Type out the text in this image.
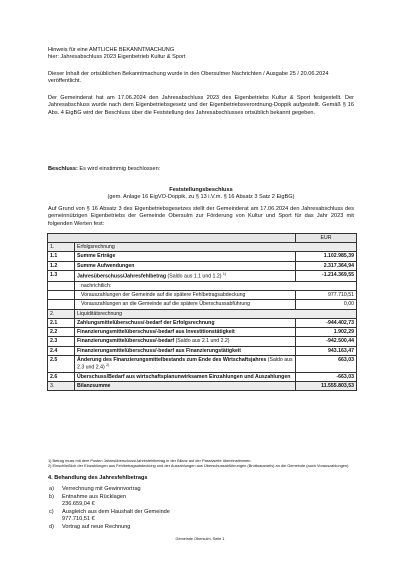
Hinweis für eine AMTLICHE BEKANNTMACHUNG

hier: Jahresabschluss 2023 Eigenbetrieb Kultur & Sport

Dieser Inhalt der ortsüblichen Bekanntmachung wurde in den Obersulmer Nachrichten / Ausgabe 25 / 20.06.2024 veröffentlicht.

Der Gemeinderat hat am 17.06.2024 den Jahresabschluss 2023 des Eigenbetriebs Kultur & Sport festgestellt. Der Jahresabschluss wurde nach dem Eigenbetriebsgesetz und der Eigenbetriebsverordnung-Doppik aufgestellt. Gemäß § 16 Abs. 4 EigBG wird der Beschluss über die Feststellung des Jahresabschlusses ortsüblich bekannt gegeben.

Beschluss: Es wird einstimmig beschlossen:

Feststellungsbeschluss

(gem. Anlage 16 EigVO-Doppik, zu § 13 i.V.m. § 16 Absatz 3 Satz 2 EigBG)

Auf Grund von § 16 Absatz 3 des Eigenbetriebsgesetzes stellt der Gemeinderat am 17.06.2024 den Jahresabschluss des gemeinnützigen Eigenbetriebs der Gemeinde Obersulm zur Förderung von Kultur und Sport für das Jahr 2023 mit folgenden Werten fest:

		EUR
1.	Erfolgsrechnung	
1.1	Summe Erträge	1.102.985,39
1.2	Summe Aufwendungen	2.317.364,94
1.3	Jahresüberschuss/Jahresfehlbetrag (Saldo aus 1.1 und 1.2) $^{1)}$	-1.214.369,55
	nachrichtlich:	
	Vorauszahlungen der Gemeinde auf die spätere Fehlbetragsabdeckung	977.710,51
	Vorauszahlungen an die Gemeinde auf die spätere Überschussabführung	0,00
2.	Liquiditätsrechnung	
2.1	Zahlungsmittelüberschuss/-bedarf der Erfolgsrechnung	-944.402,73
2.2	Finanzierungsmittelüberschuss/-bedarf aus Investitionstätigkeit	1.902,29
2.3	Finanzierungsmittelüberschuss/-bedarf (Saldo aus 2.1 und 2.2)	-942.500,44
2.4	Finanzierungsmittelüberschuss/-bedarf aus Finanzierungstätigkeit	943.163,47
2.5	Änderung des Finanzierungsmittelbestands zum Ende des Wirtschaftsjahres (Saldo aus 2.3 und 2.4) $^{2)}$	663,03
2.6	Überschuss/Bedarf aus wirtschaftsplanunwirksamen Einzahlungen und Auszahlungen	-663,03
3.	Bilanzsumme	11.555.803,53

1) Betrag muss mit dem Posten Jahresüberschuss/Jahresfehlbetrag in der Bilanz auf der Passivseite übereinstimmen.

2) Einschließlich der Einzahlungen aus Fehlbetragsabdeckung und der Auszahlungen aus Überschussabführungen (Bruttoausweis) an die Gemeinde (auch Vorauszahlungen).

4. Behandlung des Jahresfehlbetrags

a) Verrechnung mit Gewinnvortrag
b) Entnahme aus Rücklagen
236.659,04 €
c) Ausgleich aus dem Haushalt der Gemeinde
977.710,51 €
d) Vortrag auf neue Rechnung
Gemeinde Obersulm, Seite 1
